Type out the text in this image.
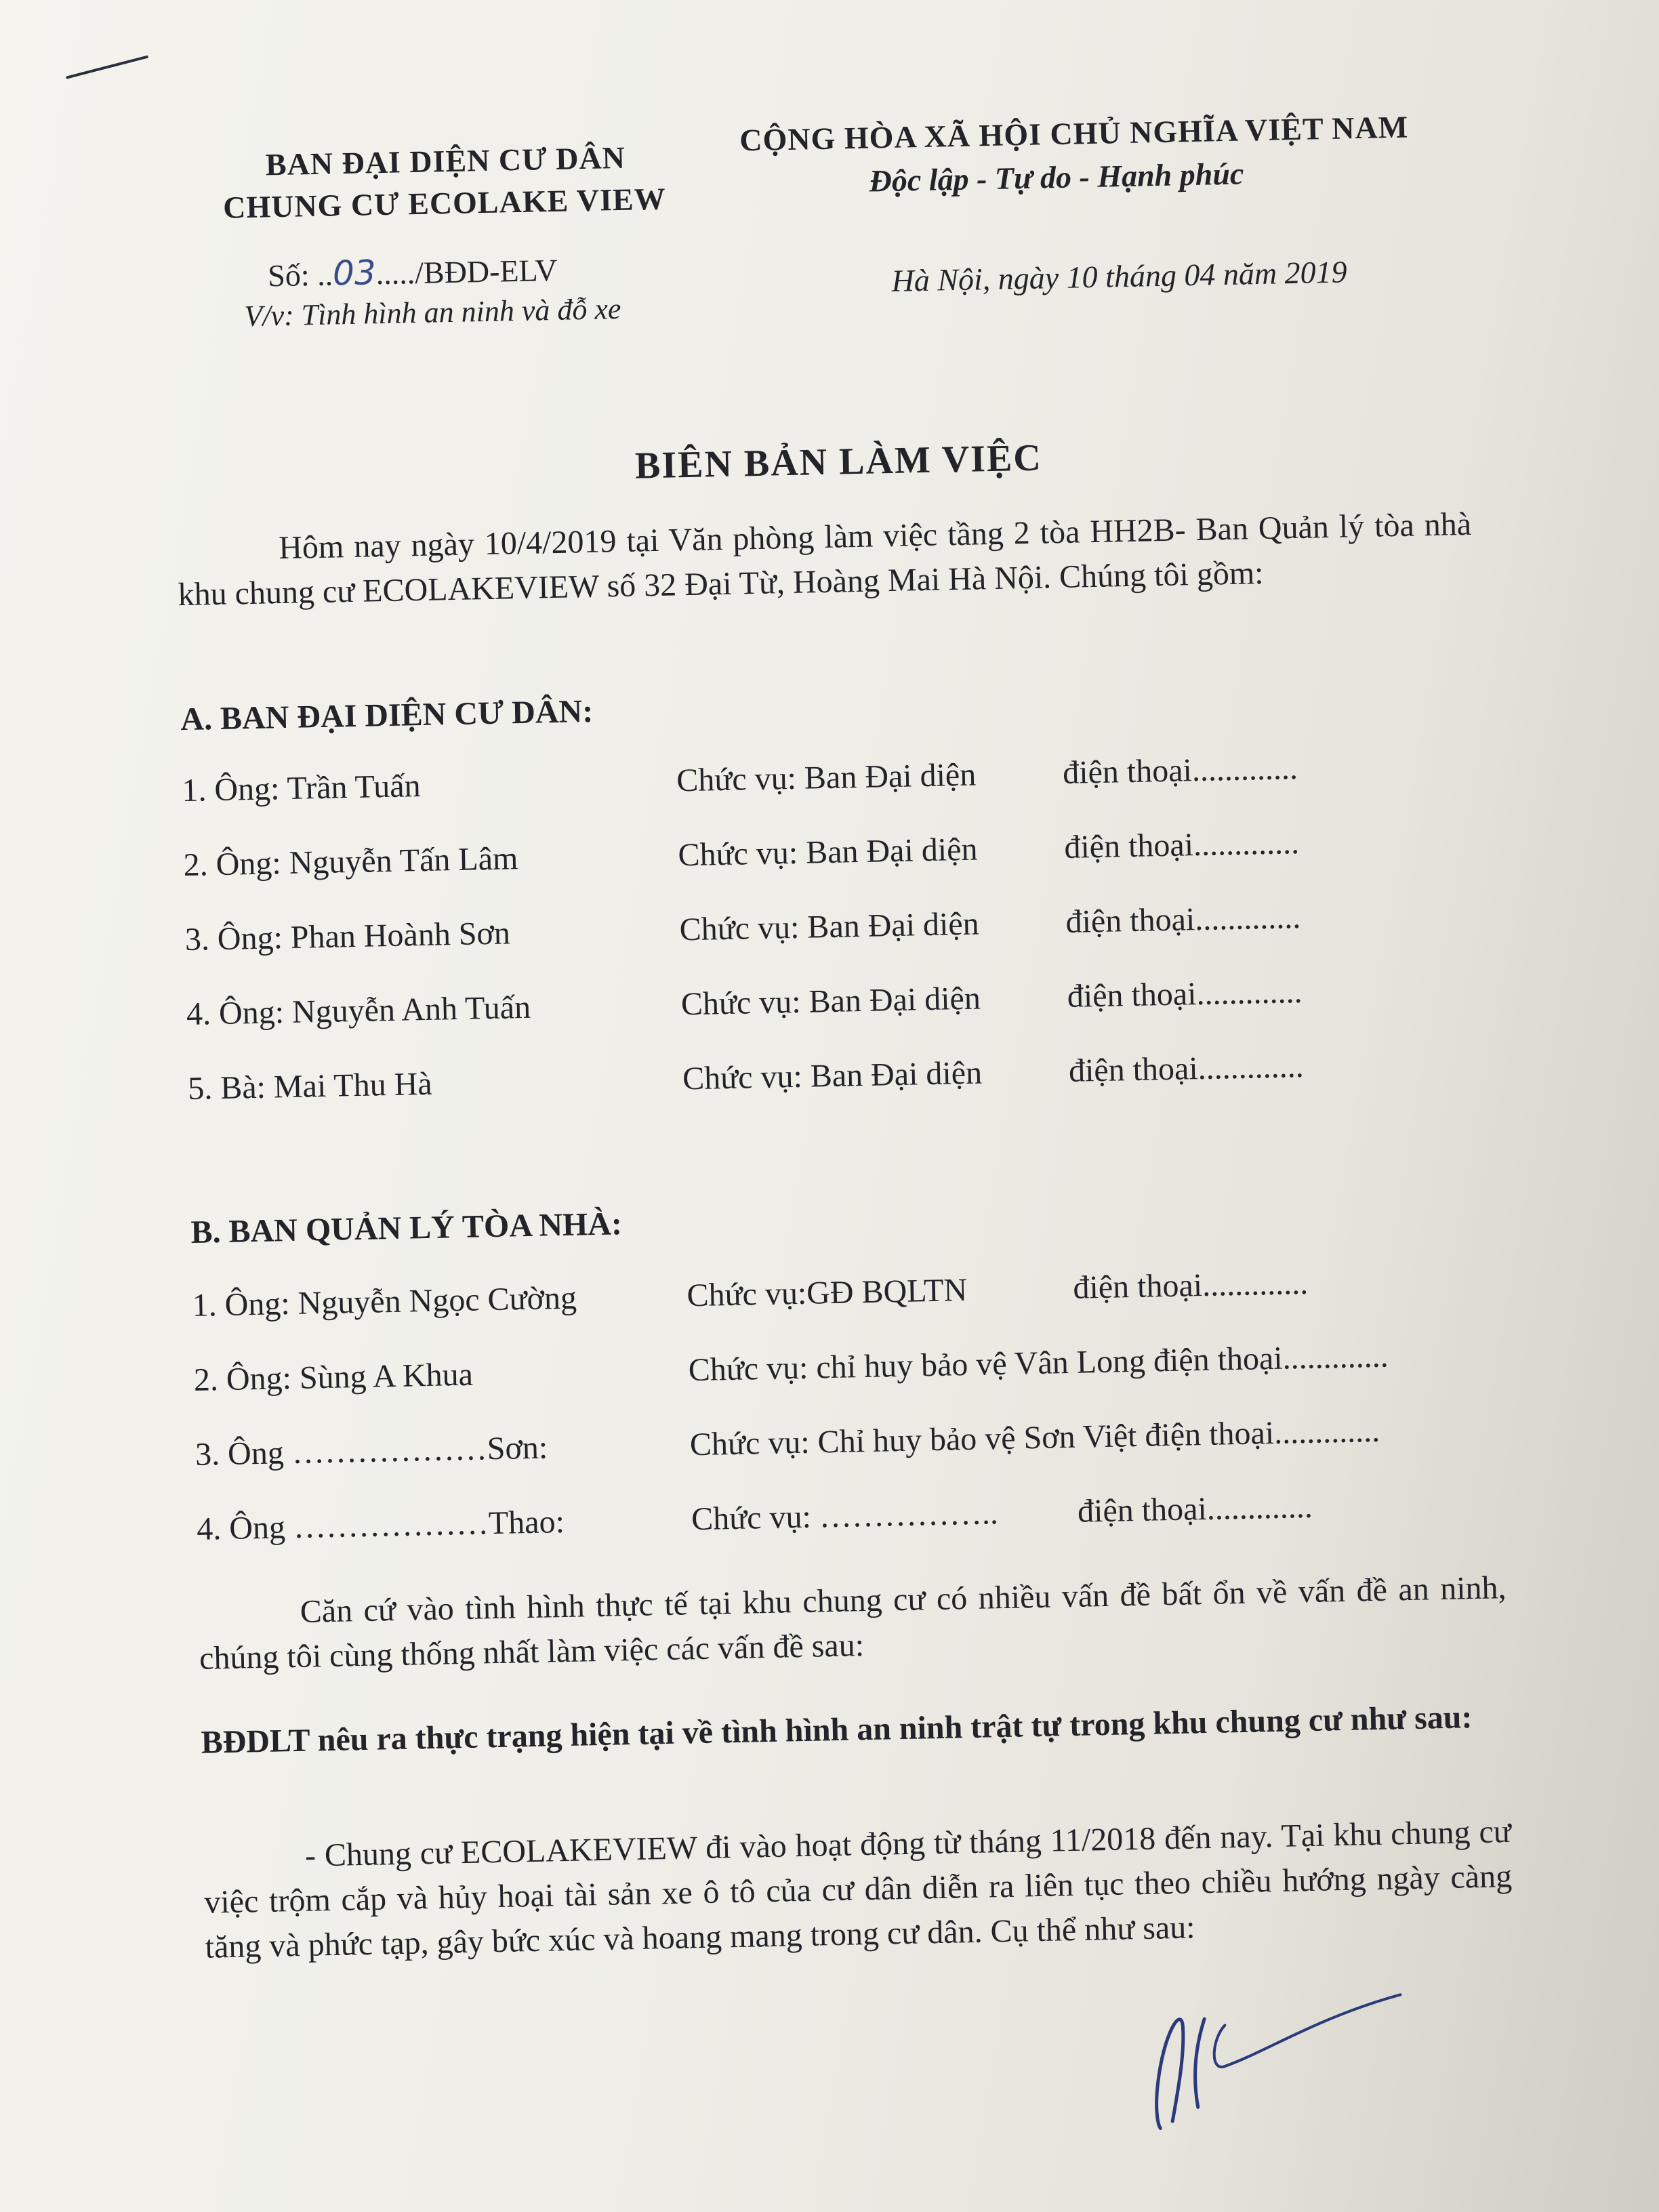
BAN ĐẠI DIỆN CƯ DÂN
CHUNG CƯ ECOLAKE VIEW
Số: ..03...../BĐD-ELV
V/v: Tình hình an ninh và đỗ xe
CỘNG HÒA XÃ HỘI CHỦ NGHĨA VIỆT NAM
Độc lập - Tự do - Hạnh phúc
Hà Nội, ngày 10 tháng 04 năm 2019
BIÊN BẢN LÀM VIỆC
Hôm nay ngày 10/4/2019 tại Văn phòng làm việc tầng 2 tòa HH2B- Ban Quản lý tòa nhà khu chung cư ECOLAKEVIEW số 32 Đại Từ, Hoàng Mai Hà Nội. Chúng tôi gồm:
A. BAN ĐẠI DIỆN CƯ DÂN:
1. Ông: Trần Tuấn	Chức vụ: Ban Đại diện	điện thoại.............
2. Ông: Nguyễn Tấn Lâm	Chức vụ: Ban Đại diện	điện thoại.............
3. Ông: Phan Hoành Sơn	Chức vụ: Ban Đại diện	điện thoại.............
4. Ông: Nguyễn Anh Tuấn	Chức vụ: Ban Đại diện	điện thoại.............
5. Bà: Mai Thu Hà	Chức vụ: Ban Đại diện	điện thoại.............
B. BAN QUẢN LÝ TÒA NHÀ:
1. Ông: Nguyễn Ngọc Cường	Chức vụ:GĐ BQLTN	điện thoại.............
2. Ông: Sùng A Khua	Chức vụ: chỉ huy bảo vệ Vân Long điện thoại.............
3. Ông ………………Sơn:	Chức vụ: Chỉ huy bảo vệ Sơn Việt điện thoại.............
4. Ông ………………Thao:	Chức vụ: …………….. điện thoại.............
Căn cứ vào tình hình thực tế tại khu chung cư có nhiều vấn đề bất ổn về vấn đề an ninh, chúng tôi cùng thống nhất làm việc các vấn đề sau:
BĐDLT nêu ra thực trạng hiện tại về tình hình an ninh trật tự trong khu chung cư như sau:
- Chung cư ECOLAKEVIEW đi vào hoạt động từ tháng 11/2018 đến nay. Tại khu chung cư việc trộm cắp và hủy hoại tài sản xe ô tô của cư dân diễn ra liên tục theo chiều hướng ngày càng tăng và phức tạp, gây bức xúc và hoang mang trong cư dân. Cụ thể như sau:
